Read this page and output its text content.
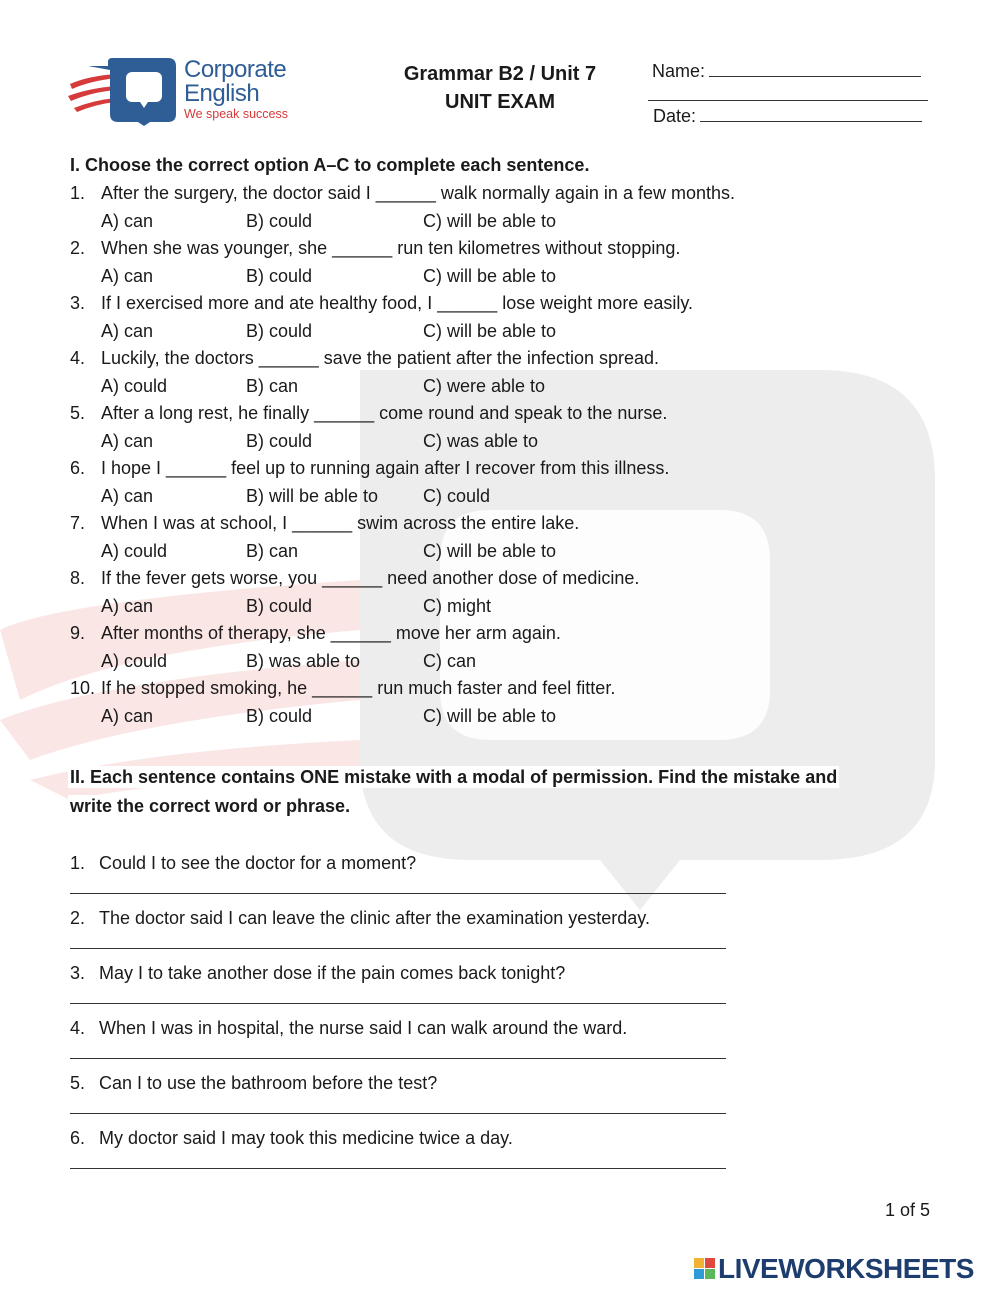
Corporate
English
We speak success
Grammar B2 / Unit 7
UNIT EXAM
Name:
Date:
I. Choose the correct option A–C to complete each sentence.
1. After the surgery, the doctor said I ______ walk normally again in a few months.
A) can	B) could	C) will be able to
2. When she was younger, she ______ run ten kilometres without stopping.
A) can	B) could	C) will be able to
3. If I exercised more and ate healthy food, I ______ lose weight more easily.
A) can	B) could	C) will be able to
4. Luckily, the doctors ______ save the patient after the infection spread.
A) could	B) can	C) were able to
5. After a long rest, he finally ______ come round and speak to the nurse.
A) can	B) could	C) was able to
6. I hope I ______ feel up to running again after I recover from this illness.
A) can	B) will be able to C) could
7. When I was at school, I ______ swim across the entire lake.
A) could	B) can	C) will be able to
8. If the fever gets worse, you ______ need another dose of medicine.
A) can	B) could	C) might
9. After months of therapy, she ______ move her arm again.
A) could	B) was able to	C) can
10. If he stopped smoking, he ______ run much faster and feel fitter.
A) can	B) could	C) will be able to
II. Each sentence contains ONE mistake with a modal of permission. Find the mistake and
write the correct word or phrase.
1. Could I to see the doctor for a moment?
2. The doctor said I can leave the clinic after the examination yesterday.
3. May I to take another dose if the pain comes back tonight?
4. When I was in hospital, the nurse said I can walk around the ward.
5. Can I to use the bathroom before the test?
6. My doctor said I may took this medicine twice a day.
1 of 5
LIVEWORKSHEETS
